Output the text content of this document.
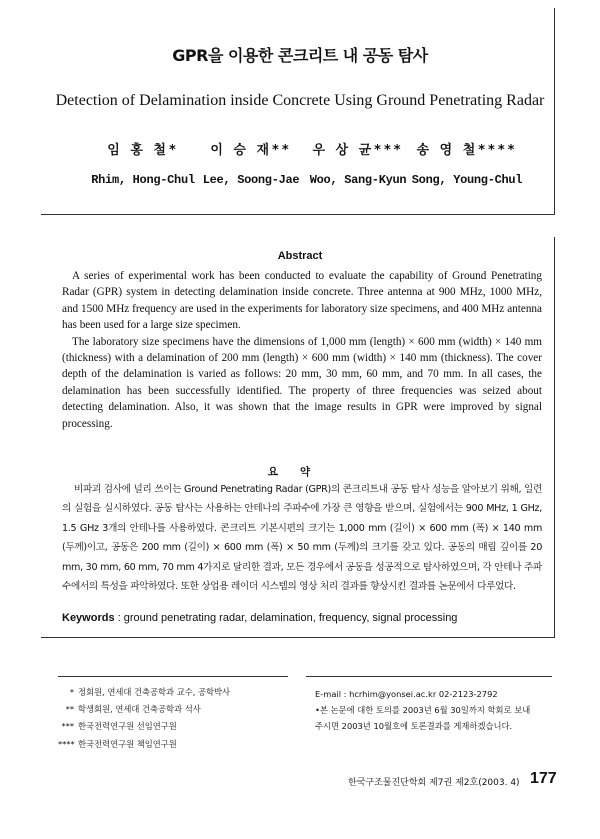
GPR을 이용한 콘크리트 내 공동 탐사
Detection of Delamination inside Concrete Using Ground Penetrating Radar
임 홍 철*
Rhim, Hong-Chul
이 승 재**
Lee, Soong-Jae
우 상 균***
Woo, Sang-Kyun
송 영 철****
Song, Young-Chul
Abstract

A series of experimental work has been conducted to evaluate the capability of Ground Penetrating Radar (GPR) system in detecting delamination inside concrete. Three antenna at 900 MHz, 1000 MHz, and 1500 MHz frequency are used in the experiments for laboratory size specimens, and 400 MHz antenna has been used for a large size specimen.

The laboratory size specimens have the dimensions of 1,000 mm (length) × 600 mm (width) × 140 mm (thickness) with a delamination of 200 mm (length) × 600 mm (width) × 140 mm (thickness). The cover depth of the delamination is varied as follows: 20 mm, 30 mm, 60 mm, and 70 mm. In all cases, the delamination has been successfully identified. The property of three frequencies was seized about detecting delamination. Also, it was shown that the image results in GPR were improved by signal processing.

요약

비파괴 검사에 널리 쓰이는 Ground Penetrating Radar (GPR)의 콘크리트내 공동 탐사 성능을 알아보기 위해, 일련의 실험을 실시하였다. 공동 탐사는 사용하는 안테나의 주파수에 가장 큰 영향을 받으며, 실험에서는 900 MHz, 1 GHz, 1.5 GHz 3개의 안테나를 사용하였다. 콘크리트 기본시편의 크기는 1,000 mm (길이) × 600 mm (폭) × 140 mm (두께)이고, 공동은 200 mm (길이) × 600 mm (폭) × 50 mm (두께)의 크기를 갖고 있다. 공동의 매립 깊이를 20 mm, 30 mm, 60 mm, 70 mm 4가지로 달리한 결과, 모든 경우에서 공동을 성공적으로 탐사하였으며, 각 안테나 주파수에서의 특성을 파악하였다. 또한 상업용 레이더 시스템의 영상 처리 결과를 향상시킨 결과를 논문에서 다루었다.

Keywords : ground penetrating radar, delamination, frequency, signal processing
* 정회원, 연세대 건축공학과 교수, 공학박사
** 학생회원, 연세대 건축공학과 석사
*** 한국전력연구원 선임연구원
**** 한국전력연구원 책임연구원
E-mail : hcrhim@yonsei.ac.kr 02-2123-2792
•본 논문에 대한 토의를 2003년 6월 30일까지 학회로 보내
주시면 2003년 10월호에 토론결과를 게재하겠습니다.
한국구조물진단학회 제7권 제2호(2003. 4) 177
